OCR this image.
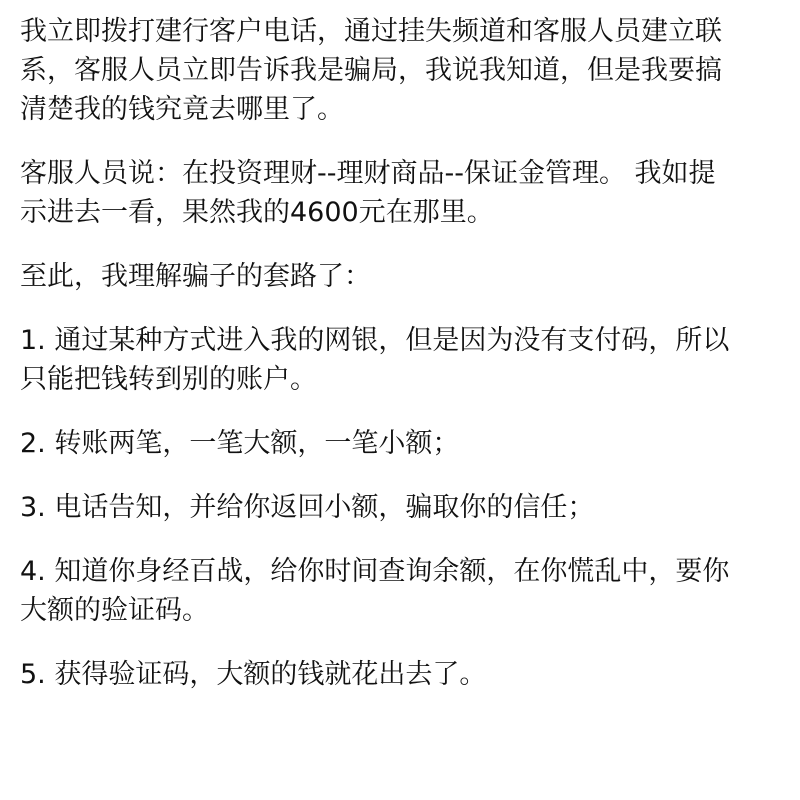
我立即拨打建行客户电话，通过挂失频道和客服人员建立联
系，客服人员立即告诉我是骗局，我说我知道，但是我要搞
清楚我的钱究竟去哪里了。

客服人员说：在投资理财--理财商品--保证金管理。 我如提
示进去一看，果然我的4600元在那里。

至此，我理解骗子的套路了：

1. 通过某种方式进入我的网银，但是因为没有支付码，所以
只能把钱转到别的账户。

2. 转账两笔，一笔大额，一笔小额；

3. 电话告知，并给你返回小额，骗取你的信任；

4. 知道你身经百战，给你时间查询余额，在你慌乱中，要你
大额的验证码。

5. 获得验证码，大额的钱就花出去了。
